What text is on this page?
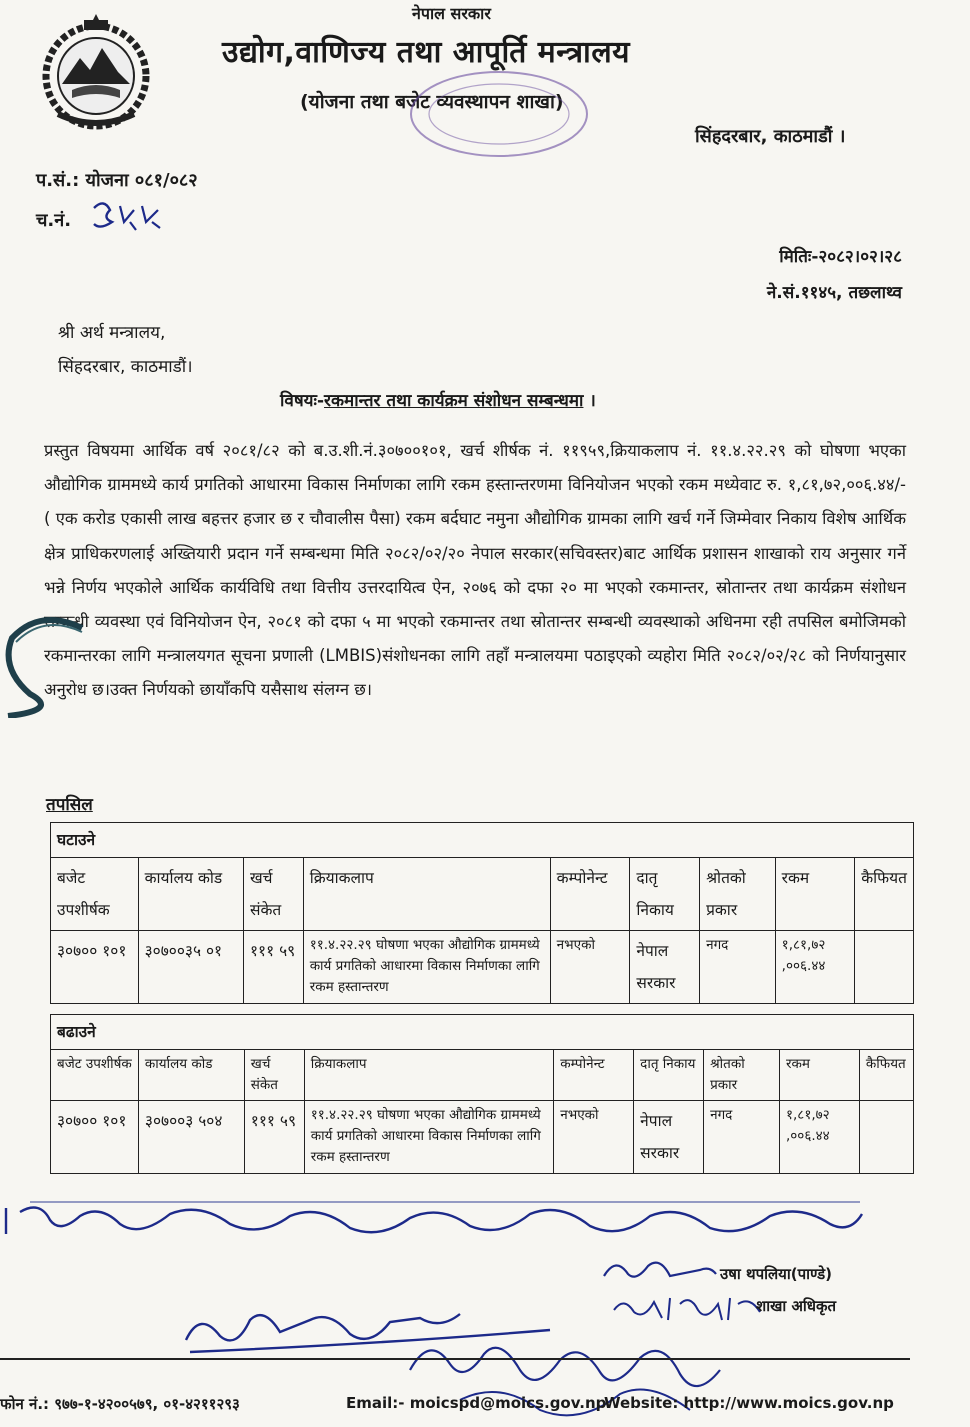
नेपाल सरकार
उद्योग,वाणिज्य तथा आपूर्ति मन्त्रालय
(योजना तथा बजेट व्यवस्थापन शाखा)
सिंहदरबार, काठमाडौं ।
प.सं.: योजना ०८१/०८२
च.नं.
मितिः-२०८२।०२।२८
ने.सं.११४५, तछलाथ्व
श्री अर्थ मन्त्रालय,
सिंहदरबार, काठमाडौं।
विषयः-रकमान्तर तथा कार्यक्रम संशोधन सम्बन्धमा ।
प्रस्तुत विषयमा आर्थिक वर्ष २०८१/८२ को ब.उ.शी.नं.३०७००१०१, खर्च शीर्षक नं. ११९५९,क्रियाकलाप नं. ११.४.२२.२९ को घोषणा भएका औद्योगिक ग्राममध्ये कार्य प्रगतिको आधारमा विकास निर्माणका लागि रकम हस्तान्तरणमा विनियोजन भएको रकम मध्येवाट रु. १,८१,७२,००६.४४/-( एक करोड एकासी लाख बहत्तर हजार छ र चौवालीस पैसा) रकम बर्दघाट नमुना औद्योगिक ग्रामका लागि खर्च गर्ने जिम्मेवार निकाय विशेष आर्थिक क्षेत्र प्राधिकरणलाई अख्तियारी प्रदान गर्ने सम्बन्धमा मिति २०८२/०२/२० नेपाल सरकार(सचिवस्तर)बाट आर्थिक प्रशासन शाखाको राय अनुसार गर्ने भन्ने निर्णय भएकोले आर्थिक कार्यविधि तथा वित्तीय उत्तरदायित्व ऐन, २०७६ को दफा २० मा भएको रकमान्तर, स्रोतान्तर तथा कार्यक्रम संशोधन सम्बन्धी व्यवस्था एवं विनियोजन ऐन, २०८१ को दफा ५ मा भएको रकमान्तर तथा स्रोतान्तर सम्बन्धी व्यवस्थाको अधिनमा रही तपसिल बमोजिमको रकमान्तरका लागि मन्त्रालयगत सूचना प्रणाली (LMBIS)संशोधनका लागि तहाँ मन्त्रालयमा पठाइएको व्यहोरा मिति २०८२/०२/२८ को निर्णयानुसार अनुरोध छ।उक्त निर्णयको छायाँकपि यसैसाथ संलग्न छ।
तपसिल
घटाउने								
बजेट उपशीर्षक	कार्यालय कोड	खर्च संकेत	क्रियाकलाप	कम्पोनेन्ट	दातृ निकाय	श्रोतको प्रकार	रकम	कैफियत
३०७०० १०१	३०७००३५ ०१	१११ ५९	११.४.२२.२९ घोषणा भएका औद्योगिक ग्राममध्ये कार्य प्रगतिको आधारमा विकास निर्माणका लागि रकम हस्तान्तरण	नभएको	नेपाल सरकार	नगद	१,८१,७२ ,००६.४४	
बढाउने								
बजेट उपशीर्षक	कार्यालय कोड	खर्च संकेत	क्रियाकलाप	कम्पोनेन्ट	दातृ निकाय	श्रोतको प्रकार	रकम	कैफियत
३०७०० १०१	३०७००३ ५०४	१११ ५९	११.४.२२.२९ घोषणा भएका औद्योगिक ग्राममध्ये कार्य प्रगतिको आधारमा विकास निर्माणका लागि रकम हस्तान्तरण	नभएको	नेपाल सरकार	नगद	१,८१,७२ ,००६.४४	
उषा थपलिया(पाण्डे)
शाखा अधिकृत
फोन नं.: ९७७-१-४२००५७९, ०१-४२११२९३	Email:- moicspd@moics.gov.np
Website: http://www.moics.gov.np
